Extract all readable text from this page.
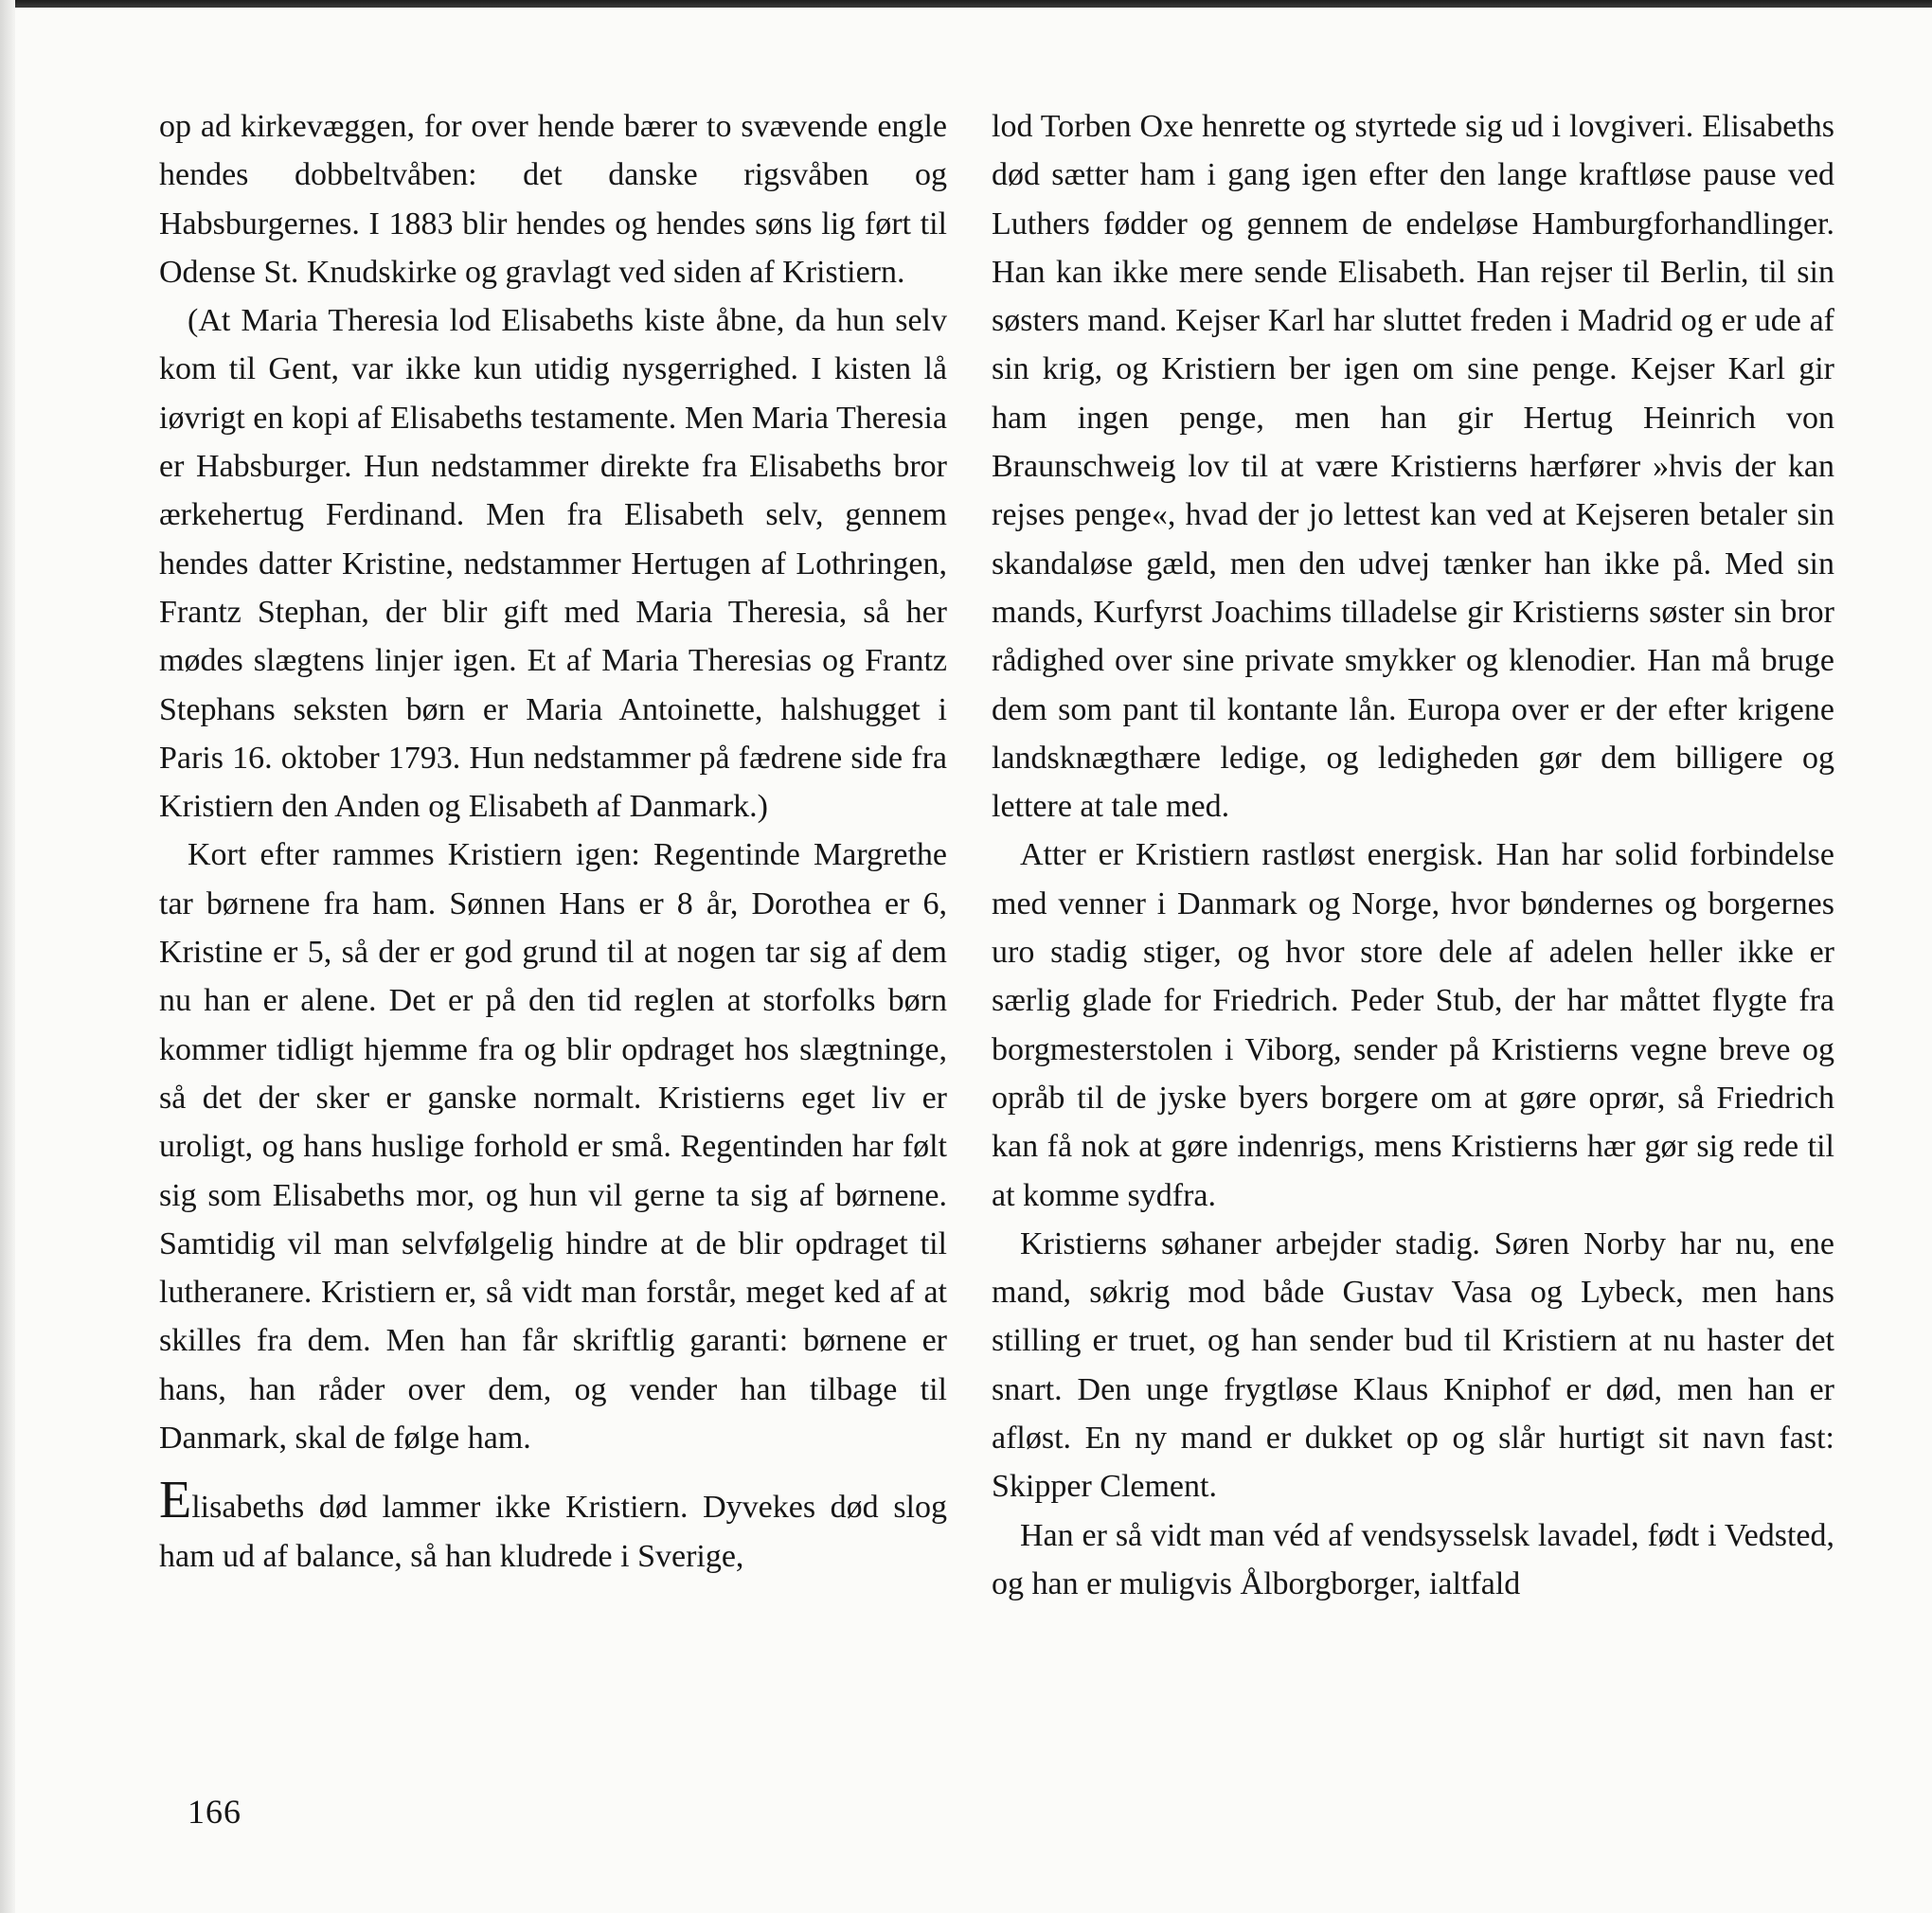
op ad kirkevæggen, for over hende bærer to svævende engle hendes dobbeltvåben: det danske rigsvåben og Habsburgernes. I 1883 blir hendes og hendes søns lig ført til Odense St. Knudskirke og gravlagt ved siden af Kristiern.

(At Maria Theresia lod Elisabeths kiste åbne, da hun selv kom til Gent, var ikke kun utidig nysgerrighed. I kisten lå iøvrigt en kopi af Elisabeths testamente. Men Maria Theresia er Habsburger. Hun nedstammer direkte fra Elisabeths bror ærkehertug Ferdinand. Men fra Elisabeth selv, gennem hendes datter Kristine, nedstammer Hertugen af Lothringen, Frantz Stephan, der blir gift med Maria Theresia, så her mødes slægtens linjer igen. Et af Maria Theresias og Frantz Stephans seksten børn er Maria Antoinette, halshugget i Paris 16. oktober 1793. Hun nedstammer på fædrene side fra Kristiern den Anden og Elisabeth af Danmark.)

Kort efter rammes Kristiern igen: Regentinde Margrethe tar børnene fra ham. Sønnen Hans er 8 år, Dorothea er 6, Kristine er 5, så der er god grund til at nogen tar sig af dem nu han er alene. Det er på den tid reglen at storfolks børn kommer tidligt hjemme fra og blir opdraget hos slægtninge, så det der sker er ganske normalt. Kristierns eget liv er uroligt, og hans huslige forhold er små. Regentinden har følt sig som Elisabeths mor, og hun vil gerne ta sig af børnene. Samtidig vil man selvfølgelig hindre at de blir opdraget til lutheranere. Kristiern er, så vidt man forstår, meget ked af at skilles fra dem. Men han får skriftlig garanti: børnene er hans, han råder over dem, og vender han tilbage til Danmark, skal de følge ham.

Elisabeths død lammer ikke Kristiern. Dyvekes død slog ham ud af balance, så han kludrede i Sverige,

lod Torben Oxe henrette og styrtede sig ud i lovgiveri. Elisabeths død sætter ham i gang igen efter den lange kraftløse pause ved Luthers fødder og gennem de endeløse Hamburgforhandlinger. Han kan ikke mere sende Elisabeth. Han rejser til Berlin, til sin søsters mand. Kejser Karl har sluttet freden i Madrid og er ude af sin krig, og Kristiern ber igen om sine penge. Kejser Karl gir ham ingen penge, men han gir Hertug Heinrich von Braunschweig lov til at være Kristierns hærfører »hvis der kan rejses penge«, hvad der jo lettest kan ved at Kejseren betaler sin skandaløse gæld, men den udvej tænker han ikke på. Med sin mands, Kurfyrst Joachims tilladelse gir Kristierns søster sin bror rådighed over sine private smykker og klenodier. Han må bruge dem som pant til kontante lån. Europa over er der efter krigene landsknægthære ledige, og ledigheden gør dem billigere og lettere at tale med.

Atter er Kristiern rastløst energisk. Han har solid forbindelse med venner i Danmark og Norge, hvor bøndernes og borgernes uro stadig stiger, og hvor store dele af adelen heller ikke er særlig glade for Friedrich. Peder Stub, der har måttet flygte fra borgmesterstolen i Viborg, sender på Kristierns vegne breve og opråb til de jyske byers borgere om at gøre oprør, så Friedrich kan få nok at gøre indenrigs, mens Kristierns hær gør sig rede til at komme sydfra.

Kristierns søhaner arbejder stadig. Søren Norby har nu, ene mand, søkrig mod både Gustav Vasa og Lybeck, men hans stilling er truet, og han sender bud til Kristiern at nu haster det snart. Den unge frygtløse Klaus Kniphof er død, men han er afløst. En ny mand er dukket op og slår hurtigt sit navn fast: Skipper Clement.

Han er så vidt man véd af vendsysselsk lavadel, født i Vedsted, og han er muligvis Ålborgborger, ialtfald

166
